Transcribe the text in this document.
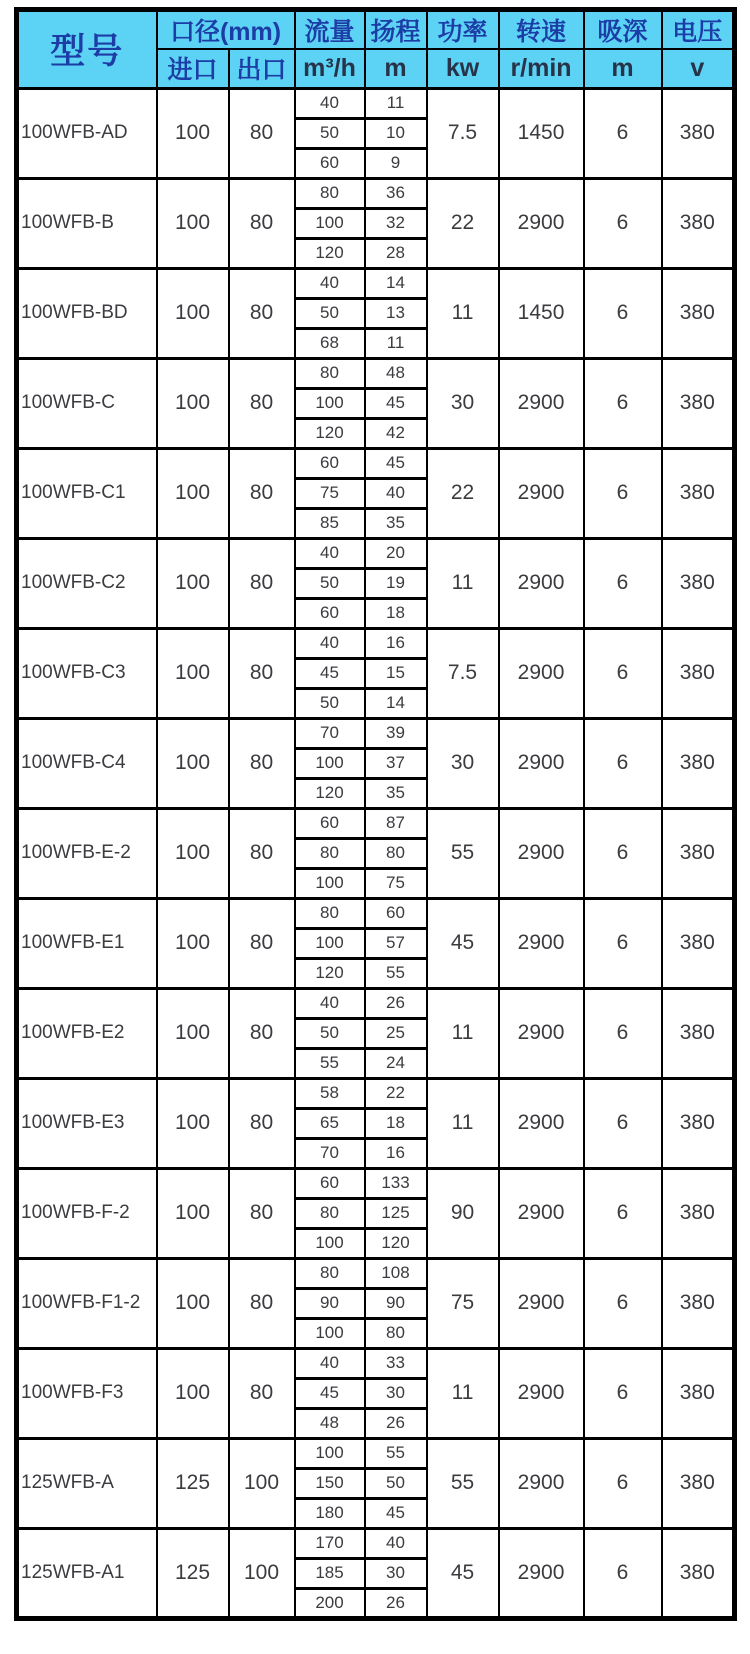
型号	口径(mm)		流量	扬程	功率	转速	吸深	电压
	进口	出口	m³/h	m	kw	r/min	m	v
100WFB-AD	100	80	40	11	7.5	1450	6	380
			50	10				
			60	9				
100WFB-B	100	80	80	36	22	2900	6	380
			100	32				
			120	28				
100WFB-BD	100	80	40	14	11	1450	6	380
			50	13				
			68	11				
100WFB-C	100	80	80	48	30	2900	6	380
			100	45				
			120	42				
100WFB-C1	100	80	60	45	22	2900	6	380
			75	40				
			85	35				
100WFB-C2	100	80	40	20	11	2900	6	380
			50	19				
			60	18				
100WFB-C3	100	80	40	16	7.5	2900	6	380
			45	15				
			50	14				
100WFB-C4	100	80	70	39	30	2900	6	380
			100	37				
			120	35				
100WFB-E-2	100	80	60	87	55	2900	6	380
			80	80				
			100	75				
100WFB-E1	100	80	80	60	45	2900	6	380
			100	57				
			120	55				
100WFB-E2	100	80	40	26	11	2900	6	380
			50	25				
			55	24				
100WFB-E3	100	80	58	22	11	2900	6	380
			65	18				
			70	16				
100WFB-F-2	100	80	60	133	90	2900	6	380
			80	125				
			100	120				
100WFB-F1-2	100	80	80	108	75	2900	6	380
			90	90				
			100	80				
100WFB-F3	100	80	40	33	11	2900	6	380
			45	30				
			48	26				
125WFB-A	125	100	100	55	55	2900	6	380
			150	50				
			180	45				
125WFB-A1	125	100	170	40	45	2900	6	380
			185	30				
			200	26				
